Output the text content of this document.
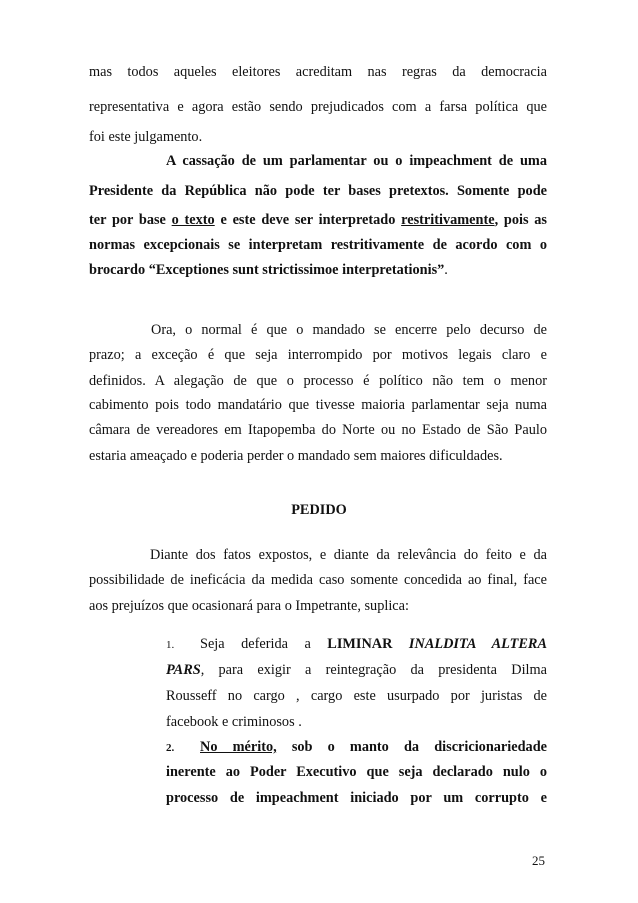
mas todos aqueles eleitores acreditam nas regras da democracia
representativa e agora estão sendo prejudicados com a farsa política que
foi este julgamento.
A cassação de um parlamentar ou o impeachment de uma
Presidente da República não pode ter bases pretextos. Somente pode
ter por base o texto e este deve ser interpretado restritivamente, pois as
normas excepcionais se interpretam restritivamente de acordo com o
brocardo “Exceptiones sunt strictissimoe interpretationis”.
Ora, o normal é que o mandado se encerre pelo decurso de
prazo; a exceção é que seja interrompido por motivos legais claro e
definidos. A alegação de que o processo é político não tem o menor
cabimento pois todo mandatário que tivesse maioria parlamentar seja numa
câmara de vereadores em Itapopemba do Norte ou no Estado de São Paulo
estaria ameaçado e poderia perder o mandado sem maiores dificuldades.
PEDIDO
Diante dos fatos expostos, e diante da relevância do feito e da
possibilidade de ineficácia da medida caso somente concedida ao final, face
aos prejuízos que ocasionará para o Impetrante, suplica:
1. Seja deferida a LIMINAR INALDITA ALTERA
PARS, para exigir a reintegração da presidenta Dilma
Rousseff no cargo , cargo este usurpado por juristas de
facebook e criminosos .
2. No mérito, sob o manto da discricionariedade
inerente ao Poder Executivo que seja declarado nulo o
processo de impeachment iniciado por um corrupto e
25
